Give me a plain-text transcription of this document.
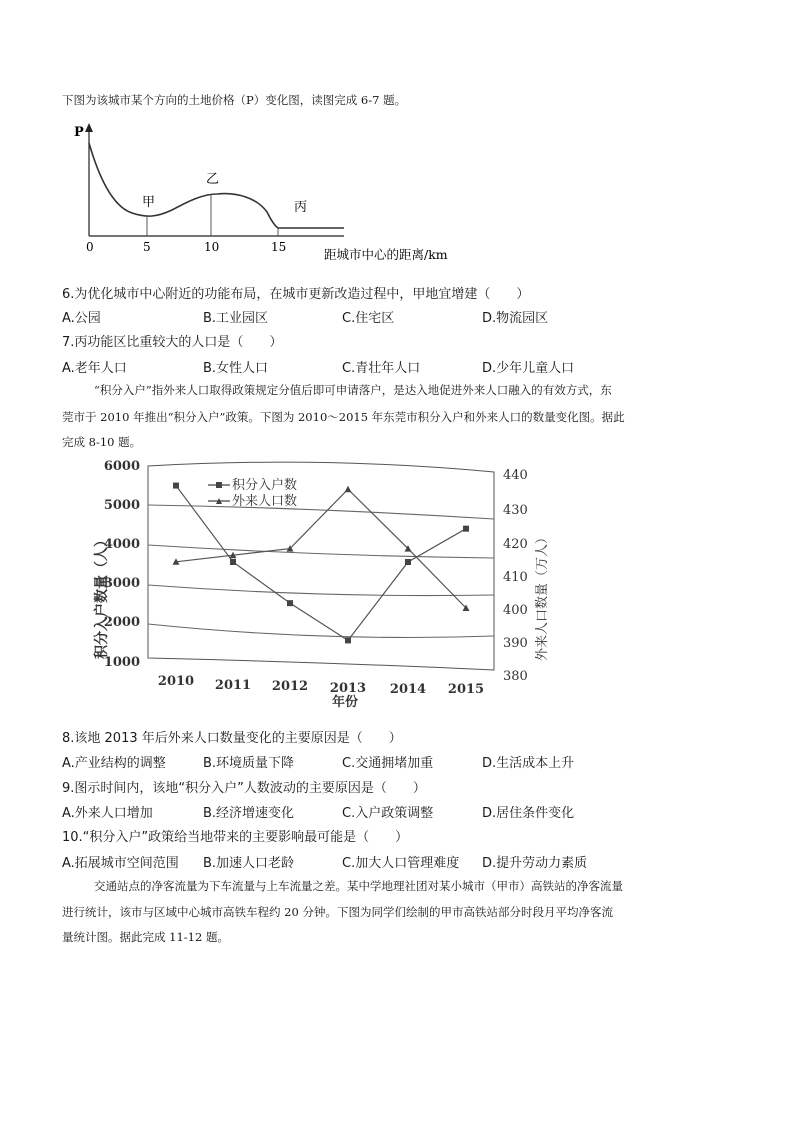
下图为该城市某个方向的土地价格（P）变化图，读图完成 6-7 题。
P
甲
乙
丙
0	5	10	15	距城市中心的距离/km
6.为优化城市中心附近的功能布局，在城市更新改造过程中，甲地宜增建（　　）
A.公园	B.工业园区	C.住宅区	D.物流园区
7.丙功能区比重较大的人口是（　　）
A.老年人口	B.女性人口	C.青壮年人口	D.少年儿童人口
“积分入户”指外来人口取得政策规定分值后即可申请落户，是达入地促进外来人口融入的有效方式，东
莞市于 2010 年推出“积分入户”政策。下图为 2010～2015 年东莞市积分入户和外来人口的数量变化图。据此
完成 8-10 题。
积分入户数量（人）	外来人口数量（万人）
年份
6000
5000
4000
3000
2000
1000
440
430
420
410
400
390
380
2010 2011 2012 2013 2014 2015
积分入户数
外来人口数
8.该地 2013 年后外来人口数量变化的主要原因是（　　）
A.产业结构的调整	B.环境质量下降	C.交通拥堵加重	D.生活成本上升
9.图示时间内，该地“积分入户”人数波动的主要原因是（　　）
A.外来人口增加	B.经济增速变化	C.入户政策调整	D.居住条件变化
10.“积分入户”政策给当地带来的主要影响最可能是（　　）
A.拓展城市空间范围 B.加速人口老龄	C.加大人口管理难度 D.提升劳动力素质
交通站点的净客流量为下车流量与上车流量之差。某中学地理社团对某小城市（甲市）高铁站的净客流量
进行统计，该市与区域中心城市高铁车程约 20 分钟。下图为同学们绘制的甲市高铁站部分时段月平均净客流
量统计图。据此完成 11-12 题。
